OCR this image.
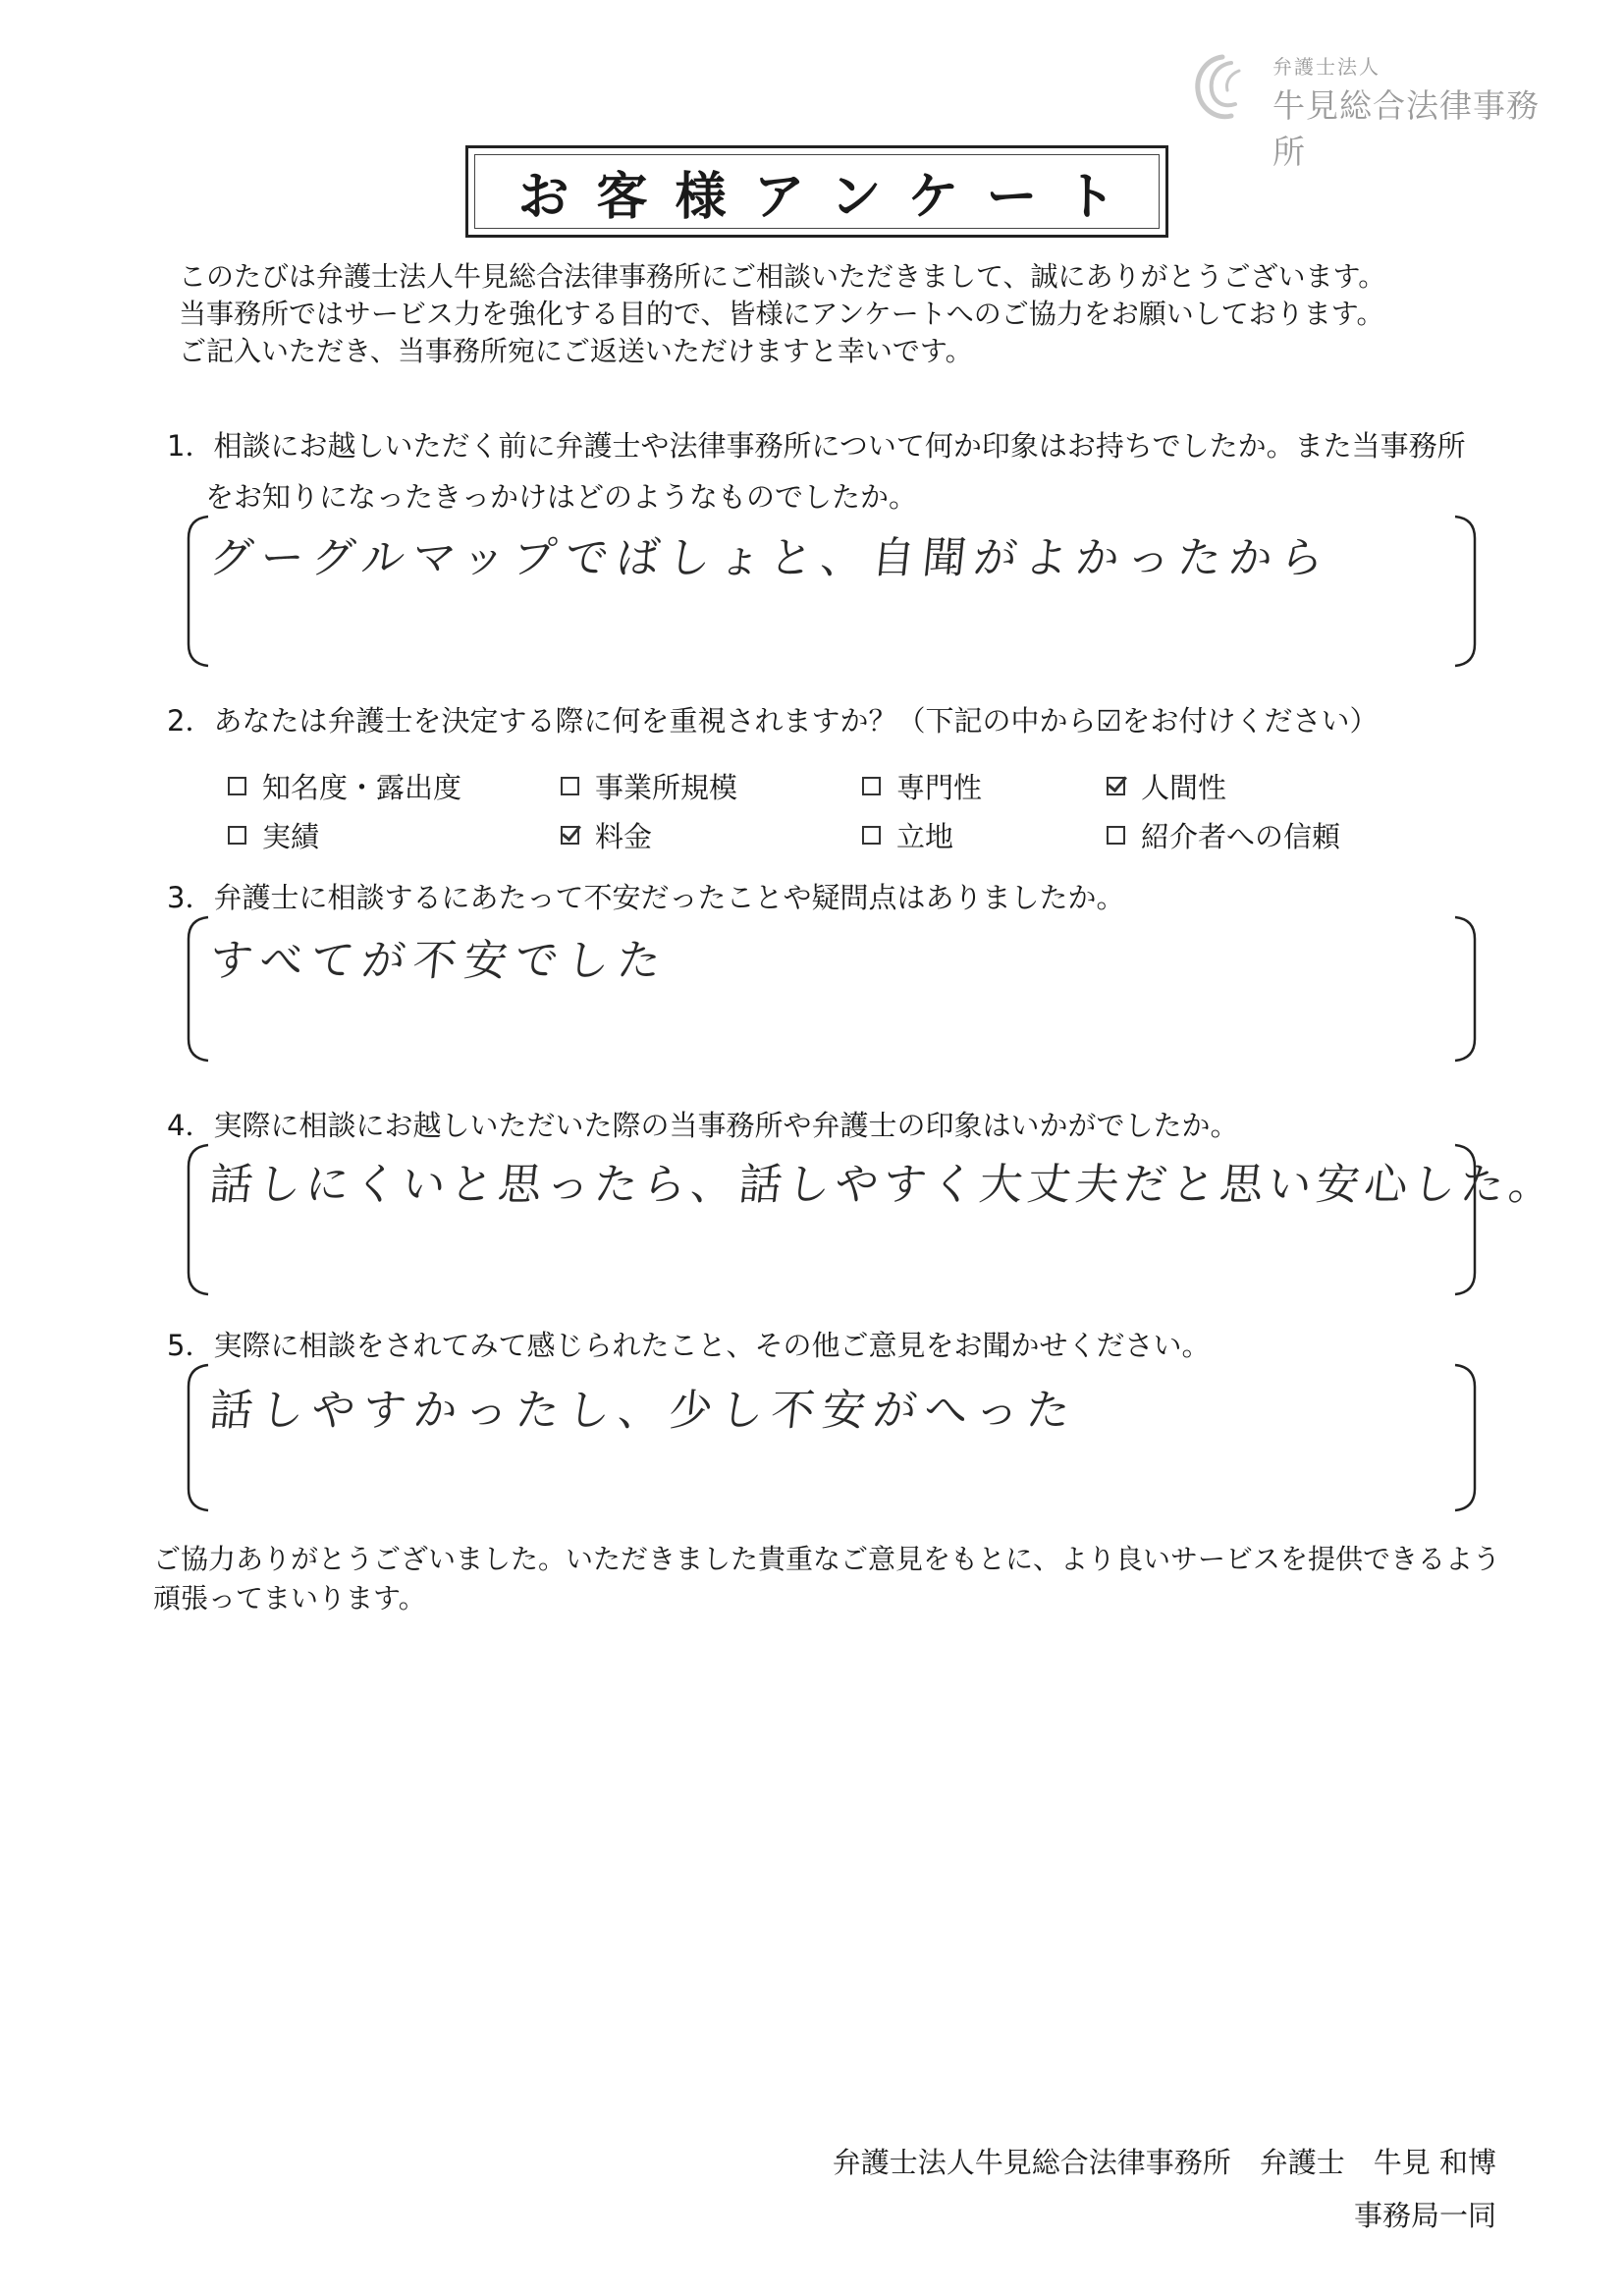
弁護士法人
牛見総合法律事務所
お客様アンケート
このたびは弁護士法人牛見総合法律事務所にご相談いただきまして、誠にありがとうございます。
当事務所ではサービス力を強化する目的で、皆様にアンケートへのご協力をお願いしております。
ご記入いただき、当事務所宛にご返送いただけますと幸いです。
1．相談にお越しいただく前に弁護士や法律事務所について何か印象はお持ちでしたか。また当事務所
をお知りになったきっかけはどのようなものでしたか。
グーグルマップでばしょと、自聞がよかったから
2．あなたは弁護士を決定する際に何を重視されますか？（下記の中から☑をお付けください）
知名度・露出度	事業所規模	専門性	人間性
実績	料金	立地	紹介者への信頼
3．弁護士に相談するにあたって不安だったことや疑問点はありましたか。
すべてが不安でした
4．実際に相談にお越しいただいた際の当事務所や弁護士の印象はいかがでしたか。
話しにくいと思ったら、話しやすく大丈夫だと思い安心した。
5．実際に相談をされてみて感じられたこと、その他ご意見をお聞かせください。
話しやすかったし、少し不安がへった
ご協力ありがとうございました。いただきました貴重なご意見をもとに、より良いサービスを提供できるよう
頑張ってまいります。
弁護士法人牛見総合法律事務所　弁護士　牛見 和博
事務局一同
